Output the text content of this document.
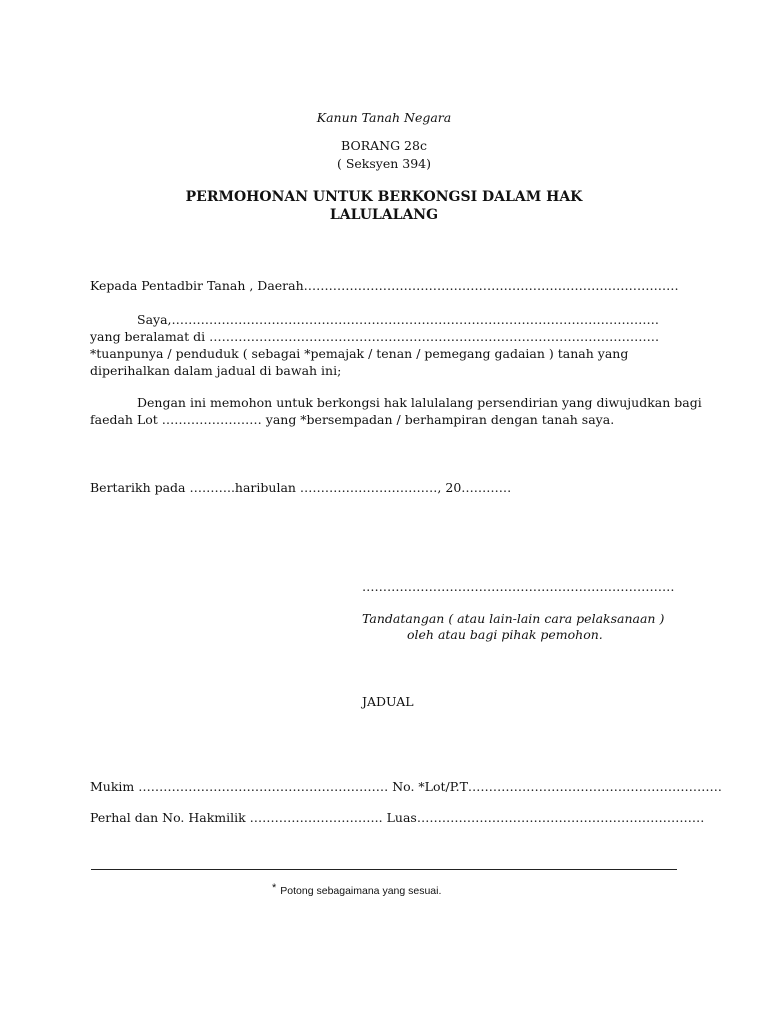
Kanun Tanah Negara
BORANG 28c
( Seksyen 394)
PERMOHONAN UNTUK BERKONGSI DALAM HAK
LALULALANG
Kepada Pentadbir Tanah , Daerah………………………………………………………………………………
Saya,………………………………………………………………………………………………………
yang beralamat di ………………………………………………………………………………………………
*tuanpunya / penduduk ( sebagai *pemajak / tenan / pemegang gadaian ) tanah yang
diperihalkan dalam jadual di bawah ini;
Dengan ini memohon untuk berkongsi hak lalulalang persendirian yang diwujudkan bagi
faedah Lot …………………… yang *bersempadan / berhampiran dengan tanah saya.
Bertarikh pada ………..haribulan ……………………………, 20…………
…………………………………………………………………
Tandatangan ( atau lain-lain cara pelaksanaan )
oleh atau bagi pihak pemohon.
JADUAL
Mukim …………………………………………………… No. *Lot/P.T…………………………………………………….
Perhal dan No. Hakmilik ………………………….. Luas……………………………………………………………
* Potong sebagaimana yang sesuai.
